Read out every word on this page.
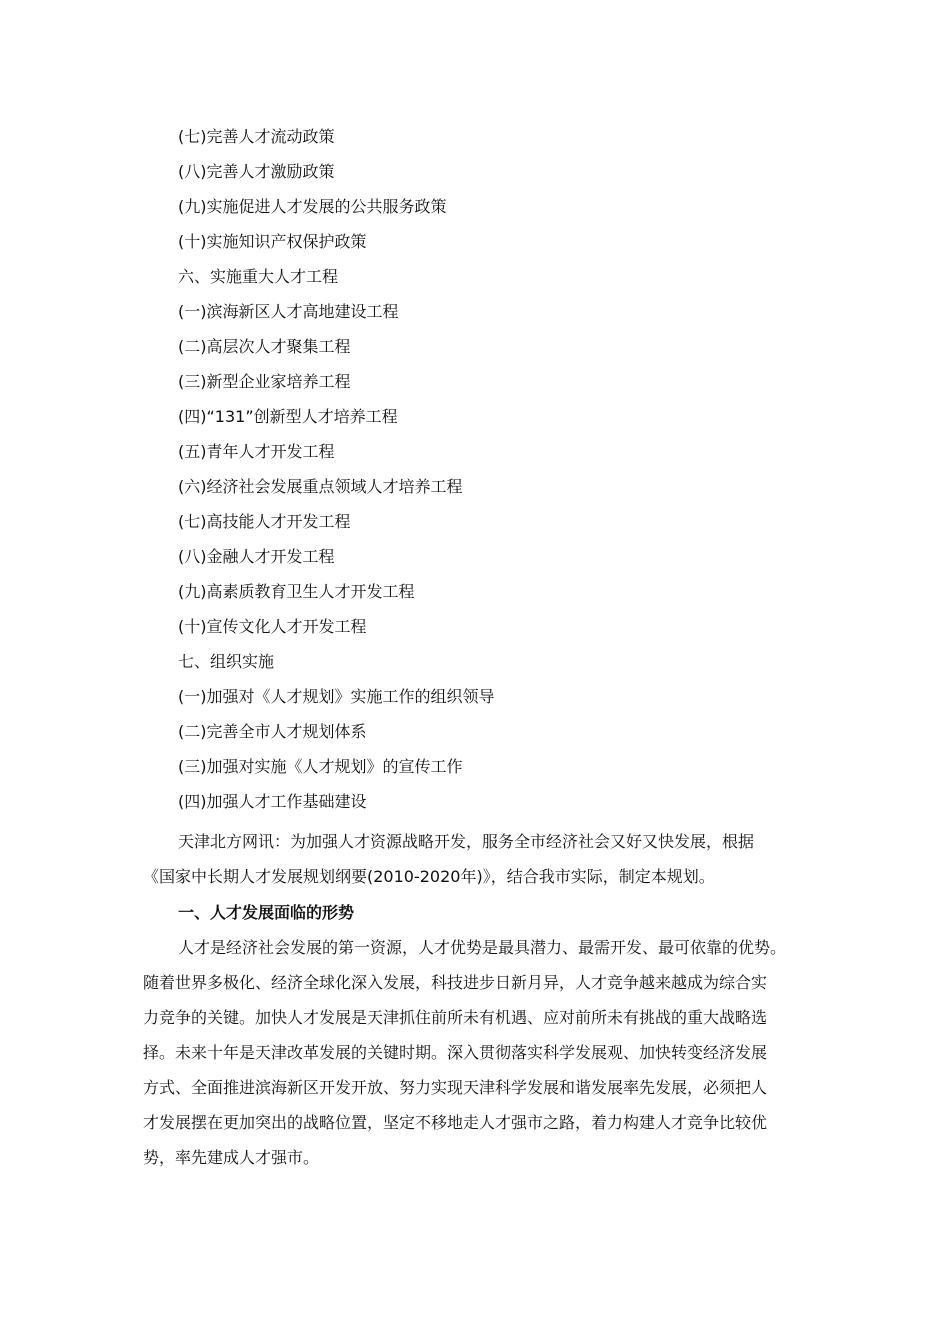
(七)完善人才流动政策
(八)完善人才激励政策
(九)实施促进人才发展的公共服务政策
(十)实施知识产权保护政策
六、实施重大人才工程
(一)滨海新区人才高地建设工程
(二)高层次人才聚集工程
(三)新型企业家培养工程
(四)“131”创新型人才培养工程
(五)青年人才开发工程
(六)经济社会发展重点领域人才培养工程
(七)高技能人才开发工程
(八)金融人才开发工程
(九)高素质教育卫生人才开发工程
(十)宣传文化人才开发工程
七、组织实施
(一)加强对《人才规划》实施工作的组织领导
(二)完善全市人才规划体系
(三)加强对实施《人才规划》的宣传工作
(四)加强人才工作基础建设
天津北方网讯：为加强人才资源战略开发，服务全市经济社会又好又快发展，根据
《国家中长期人才发展规划纲要(2010-2020年)》，结合我市实际，制定本规划。
一、人才发展面临的形势
人才是经济社会发展的第一资源，人才优势是最具潜力、最需开发、最可依靠的优势。
随着世界多极化、经济全球化深入发展，科技进步日新月异，人才竞争越来越成为综合实
力竞争的关键。加快人才发展是天津抓住前所未有机遇、应对前所未有挑战的重大战略选
择。未来十年是天津改革发展的关键时期。深入贯彻落实科学发展观、加快转变经济发展
方式、全面推进滨海新区开发开放、努力实现天津科学发展和谐发展率先发展，必须把人
才发展摆在更加突出的战略位置，坚定不移地走人才强市之路，着力构建人才竞争比较优
势，率先建成人才强市。
